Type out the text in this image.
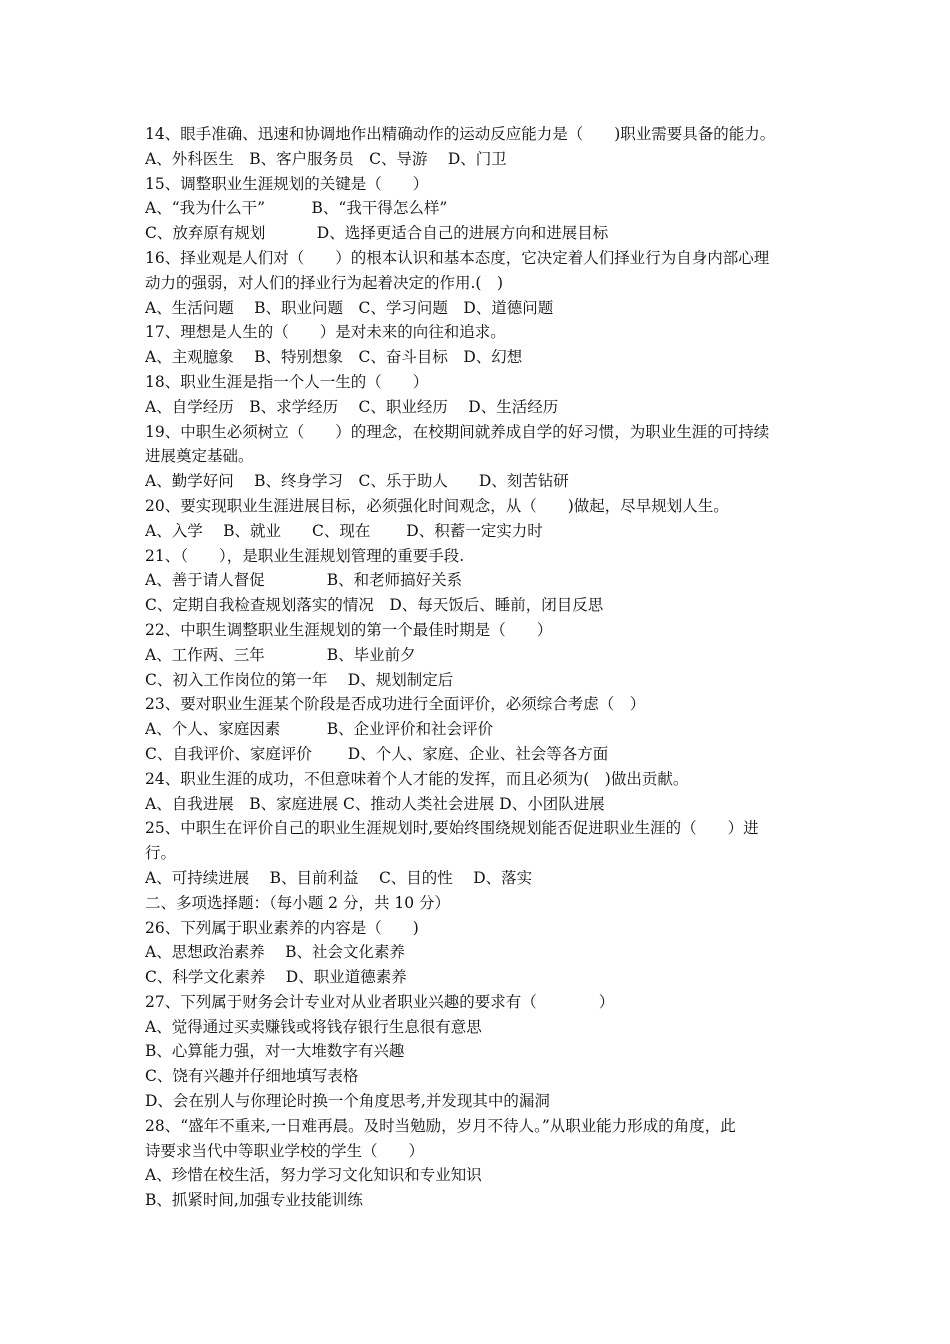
14、眼手准确、迅速和协调地作出精确动作的运动反应能力是（　　)职业需要具备的能力。
A、外科医生　B、客户服务员　C、导游　 D、门卫
15、调整职业生涯规划的关键是（　　）
A、“我为什么干”　　　B、“我干得怎么样”
C、放弃原有规划　　　 D、选择更适合自己的进展方向和进展目标
16、择业观是人们对（　　）的根本认识和基本态度，它决定着人们择业行为自身内部心理
动力的强弱，对人们的择业行为起着决定的作用.(　)
A、生活问题　 B、职业问题　C、学习问题　D、道德问题
17、理想是人生的（　　）是对未来的向往和追求。
A、主观臆象　 B、特别想象　C、奋斗目标　D、幻想
18、职业生涯是指一个人一生的（　　）
A、自学经历　B、求学经历　 C、职业经历　 D、生活经历
19、中职生必须树立（　　）的理念，在校期间就养成自学的好习惯，为职业生涯的可持续
进展奠定基础。
A、勤学好问　 B、终身学习　C、乐于助人　　D、刻苦钻研
20、要实现职业生涯进展目标，必须强化时间观念，从（　　)做起，尽早规划人生。
A、入学　 B、就业　　C、现在　　 D、积蓄一定实力时
21、（　　），是职业生涯规划管理的重要手段.
A、善于请人督促　　　　B、和老师搞好关系
C、定期自我检查规划落实的情况　D、每天饭后、睡前，闭目反思
22、中职生调整职业生涯规划的第一个最佳时期是（　　）
A、工作两、三年　　　　B、毕业前夕
C、初入工作岗位的第一年　 D、规划制定后
23、要对职业生涯某个阶段是否成功进行全面评价，必须综合考虑（　）
A、个人、家庭因素　　　B、企业评价和社会评价
C、自我评价、家庭评价　　 D、个人、家庭、企业、社会等各方面
24、职业生涯的成功，不但意味着个人才能的发挥，而且必须为(　)做出贡献。
A、自我进展　B、家庭进展 C、推动人类社会进展 D、小团队进展
25、中职生在评价自己的职业生涯规划时,要始终围绕规划能否促进职业生涯的（　　）进
行。
A、可持续进展　 B、目前利益　 C、目的性　 D、落实
二、多项选择题：（每小题 2 分，共 10 分）
26、下列属于职业素养的内容是（　　)
A、思想政治素养　 B、社会文化素养
C、科学文化素养　 D、职业道德素养
27、下列属于财务会计专业对从业者职业兴趣的要求有（　　　　）
A、觉得通过买卖赚钱或将钱存银行生息很有意思
B、心算能力强，对一大堆数字有兴趣
C、饶有兴趣并仔细地填写表格
D、会在别人与你理论时换一个角度思考,并发现其中的漏洞
28、“盛年不重来,一日难再晨。及时当勉励，岁月不待人。”从职业能力形成的角度，此
诗要求当代中等职业学校的学生（　　）
A、珍惜在校生活，努力学习文化知识和专业知识
B、抓紧时间,加强专业技能训练
